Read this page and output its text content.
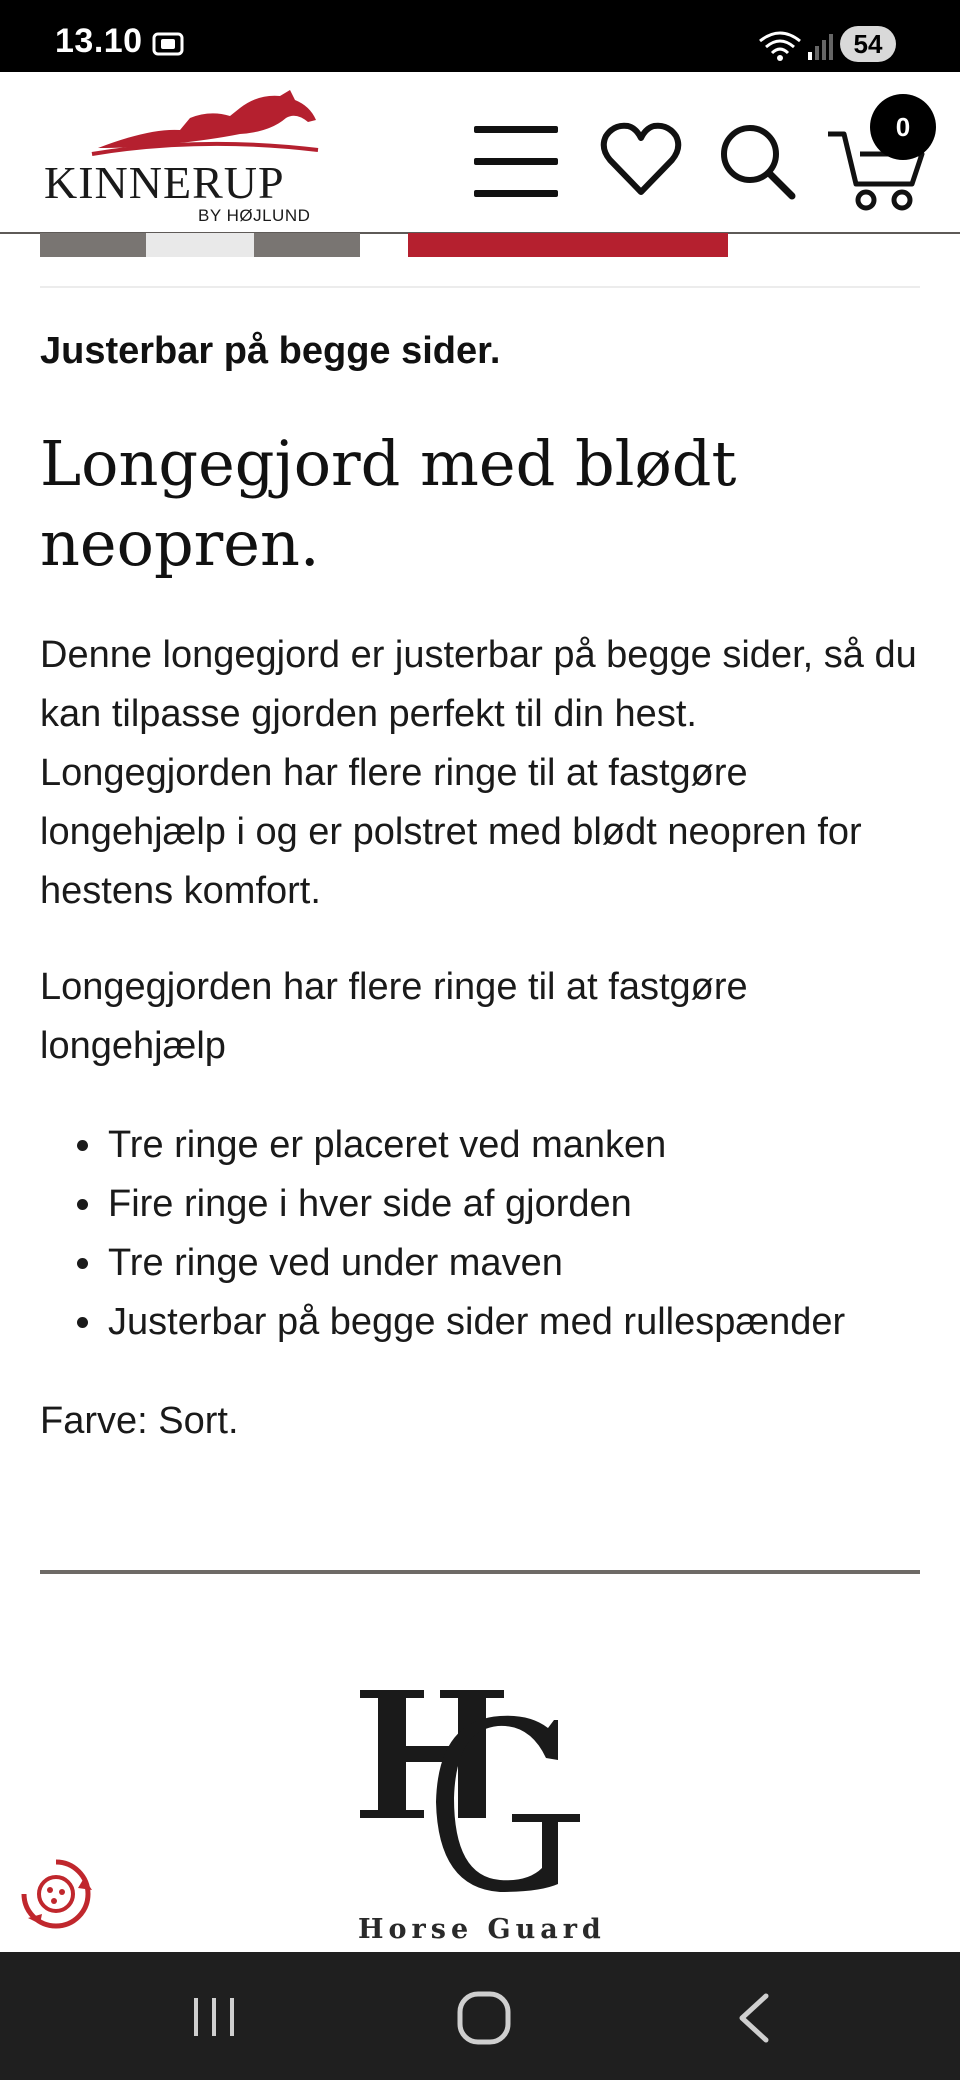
13.10	54
KINNERUP
BY HØJLUND
0
Justerbar på begge sider.
Longegjord med blødt neopren.

Denne longegjord er justerbar på begge sider, så du kan tilpasse gjorden perfekt til din hest. Longegjorden har flere ringe til at fastgøre longehjælp i og er polstret med blødt neopren for hestens komfort.

Longegjorden har flere ringe til at fastgøre longehjælp

• Tre ringe er placeret ved manken
• Fire ringe i hver side af gjorden
• Tre ringe ved under maven
• Justerbar på begge sider med rullespænder

Farve: Sort.

Horse Guard
